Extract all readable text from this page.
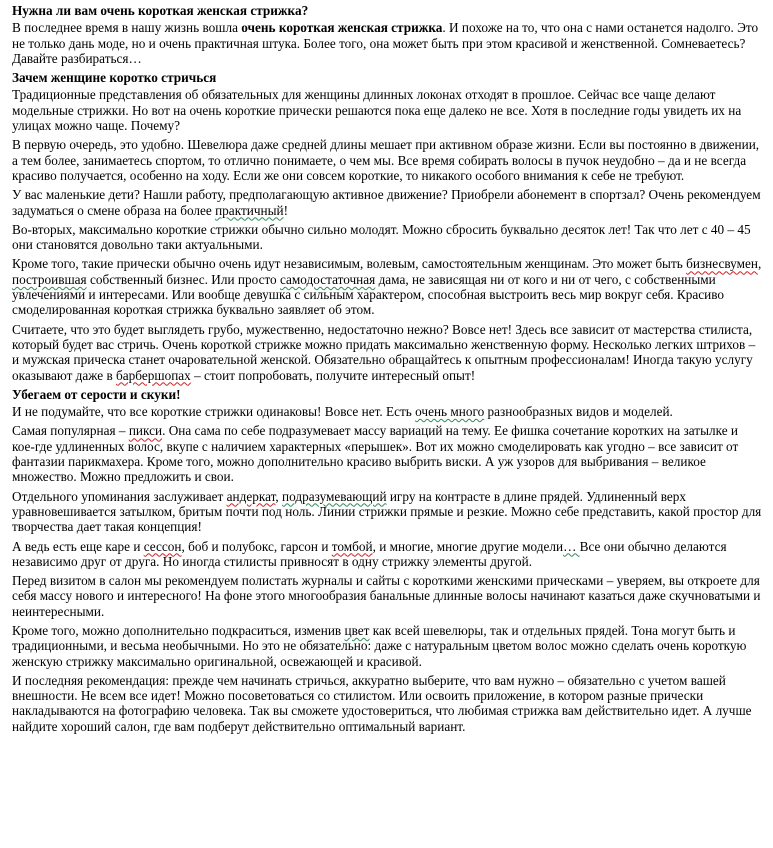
Нужна ли вам очень короткая женская стрижка?

В последнее время в нашу жизнь вошла очень короткая женская стрижка. И похоже на то, что она с нами останется надолго. Это не только дань моде, но и очень практичная штука. Более того, она может быть при этом красивой и женственной. Сомневаетесь? Давайте разбираться…

Зачем женщине коротко стричься

Традиционные представления об обязательных для женщины длинных локонах отходят в прошлое. Сейчас все чаще делают модельные стрижки. Но вот на очень короткие прически решаются пока еще далеко не все. Хотя в последние годы увидеть их на улицах можно чаще. Почему?

В первую очередь, это удобно. Шевелюра даже средней длины мешает при активном образе жизни. Если вы постоянно в движении, а тем более, занимаетесь спортом, то отлично понимаете, о чем мы. Все время собирать волосы в пучок неудобно – да и не всегда красиво получается, особенно на ходу. Если же они совсем короткие, то никакого особого внимания к себе не требуют.

У вас маленькие дети? Нашли работу, предполагающую активное движение? Приобрели абонемент в спортзал? Очень рекомендуем задуматься о смене образа на более практичный!

Во-вторых, максимально короткие стрижки обычно сильно молодят. Можно сбросить буквально десяток лет! Так что лет с 40 – 45 они становятся довольно таки актуальными.

Кроме того, такие прически обычно очень идут независимым, волевым, самостоятельным женщинам. Это может быть бизнесвумен, построившая собственный бизнес. Или просто самодостаточная дама, не зависящая ни от кого и ни от чего, с собственными увлечениями и интересами. Или вообще девушка с сильным характером, способная выстроить весь мир вокруг себя. Красиво смоделированная короткая стрижка буквально заявляет об этом.

Считаете, что это будет выглядеть грубо, мужественно, недостаточно нежно? Вовсе нет! Здесь все зависит от мастерства стилиста, который будет вас стричь. Очень короткой стрижке можно придать максимально женственную форму. Несколько легких штрихов – и мужская прическа станет очаровательной женской. Обязательно обращайтесь к опытным профессионалам! Иногда такую услугу оказывают даже в барбершопах – стоит попробовать, получите интересный опыт!

Убегаем от серости и скуки!

И не подумайте, что все короткие стрижки одинаковы! Вовсе нет. Есть очень много разнообразных видов и моделей.

Самая популярная – пикси. Она сама по себе подразумевает массу вариаций на тему. Ее фишка сочетание коротких на затылке и кое-где удлиненных волос, вкупе с наличием характерных «перышек». Вот их можно смоделировать как угодно – все зависит от фантазии парикмахера. Кроме того, можно дополнительно красиво выбрить виски. А уж узоров для выбривания – великое множество. Можно предложить и свои.

Отдельного упоминания заслуживает андеркат, подразумевающий игру на контрасте в длине прядей. Удлиненный верх уравновешивается затылком, бритым почти под ноль. Линии стрижки прямые и резкие. Можно себе представить, какой простор для творчества дает такая концепция!

А ведь есть еще каре и сессон, боб и полубокс, гарсон и томбой, и многие, многие другие модели… Все они обычно делаются независимо друг от друга. Но иногда стилисты привносят в одну стрижку элементы другой.

Перед визитом в салон мы рекомендуем полистать журналы и сайты с короткими женскими прическами – уверяем, вы откроете для себя массу нового и интересного! На фоне этого многообразия банальные длинные волосы начинают казаться даже скучноватыми и неинтересными.

Кроме того, можно дополнительно подкраситься, изменив цвет как всей шевелюры, так и отдельных прядей. Тона могут быть и традиционными, и весьма необычными. Но это не обязательно: даже с натуральным цветом волос можно сделать очень короткую женскую стрижку максимально оригинальной, освежающей и красивой.

И последняя рекомендация: прежде чем начинать стричься, аккуратно выберите, что вам нужно – обязательно с учетом вашей внешности. Не всем все идет! Можно посоветоваться со стилистом. Или освоить приложение, в котором разные прически накладываются на фотографию человека. Так вы сможете удостовериться, что любимая стрижка вам действительно идет. А лучше найдите хороший салон, где вам подберут действительно оптимальный вариант.
